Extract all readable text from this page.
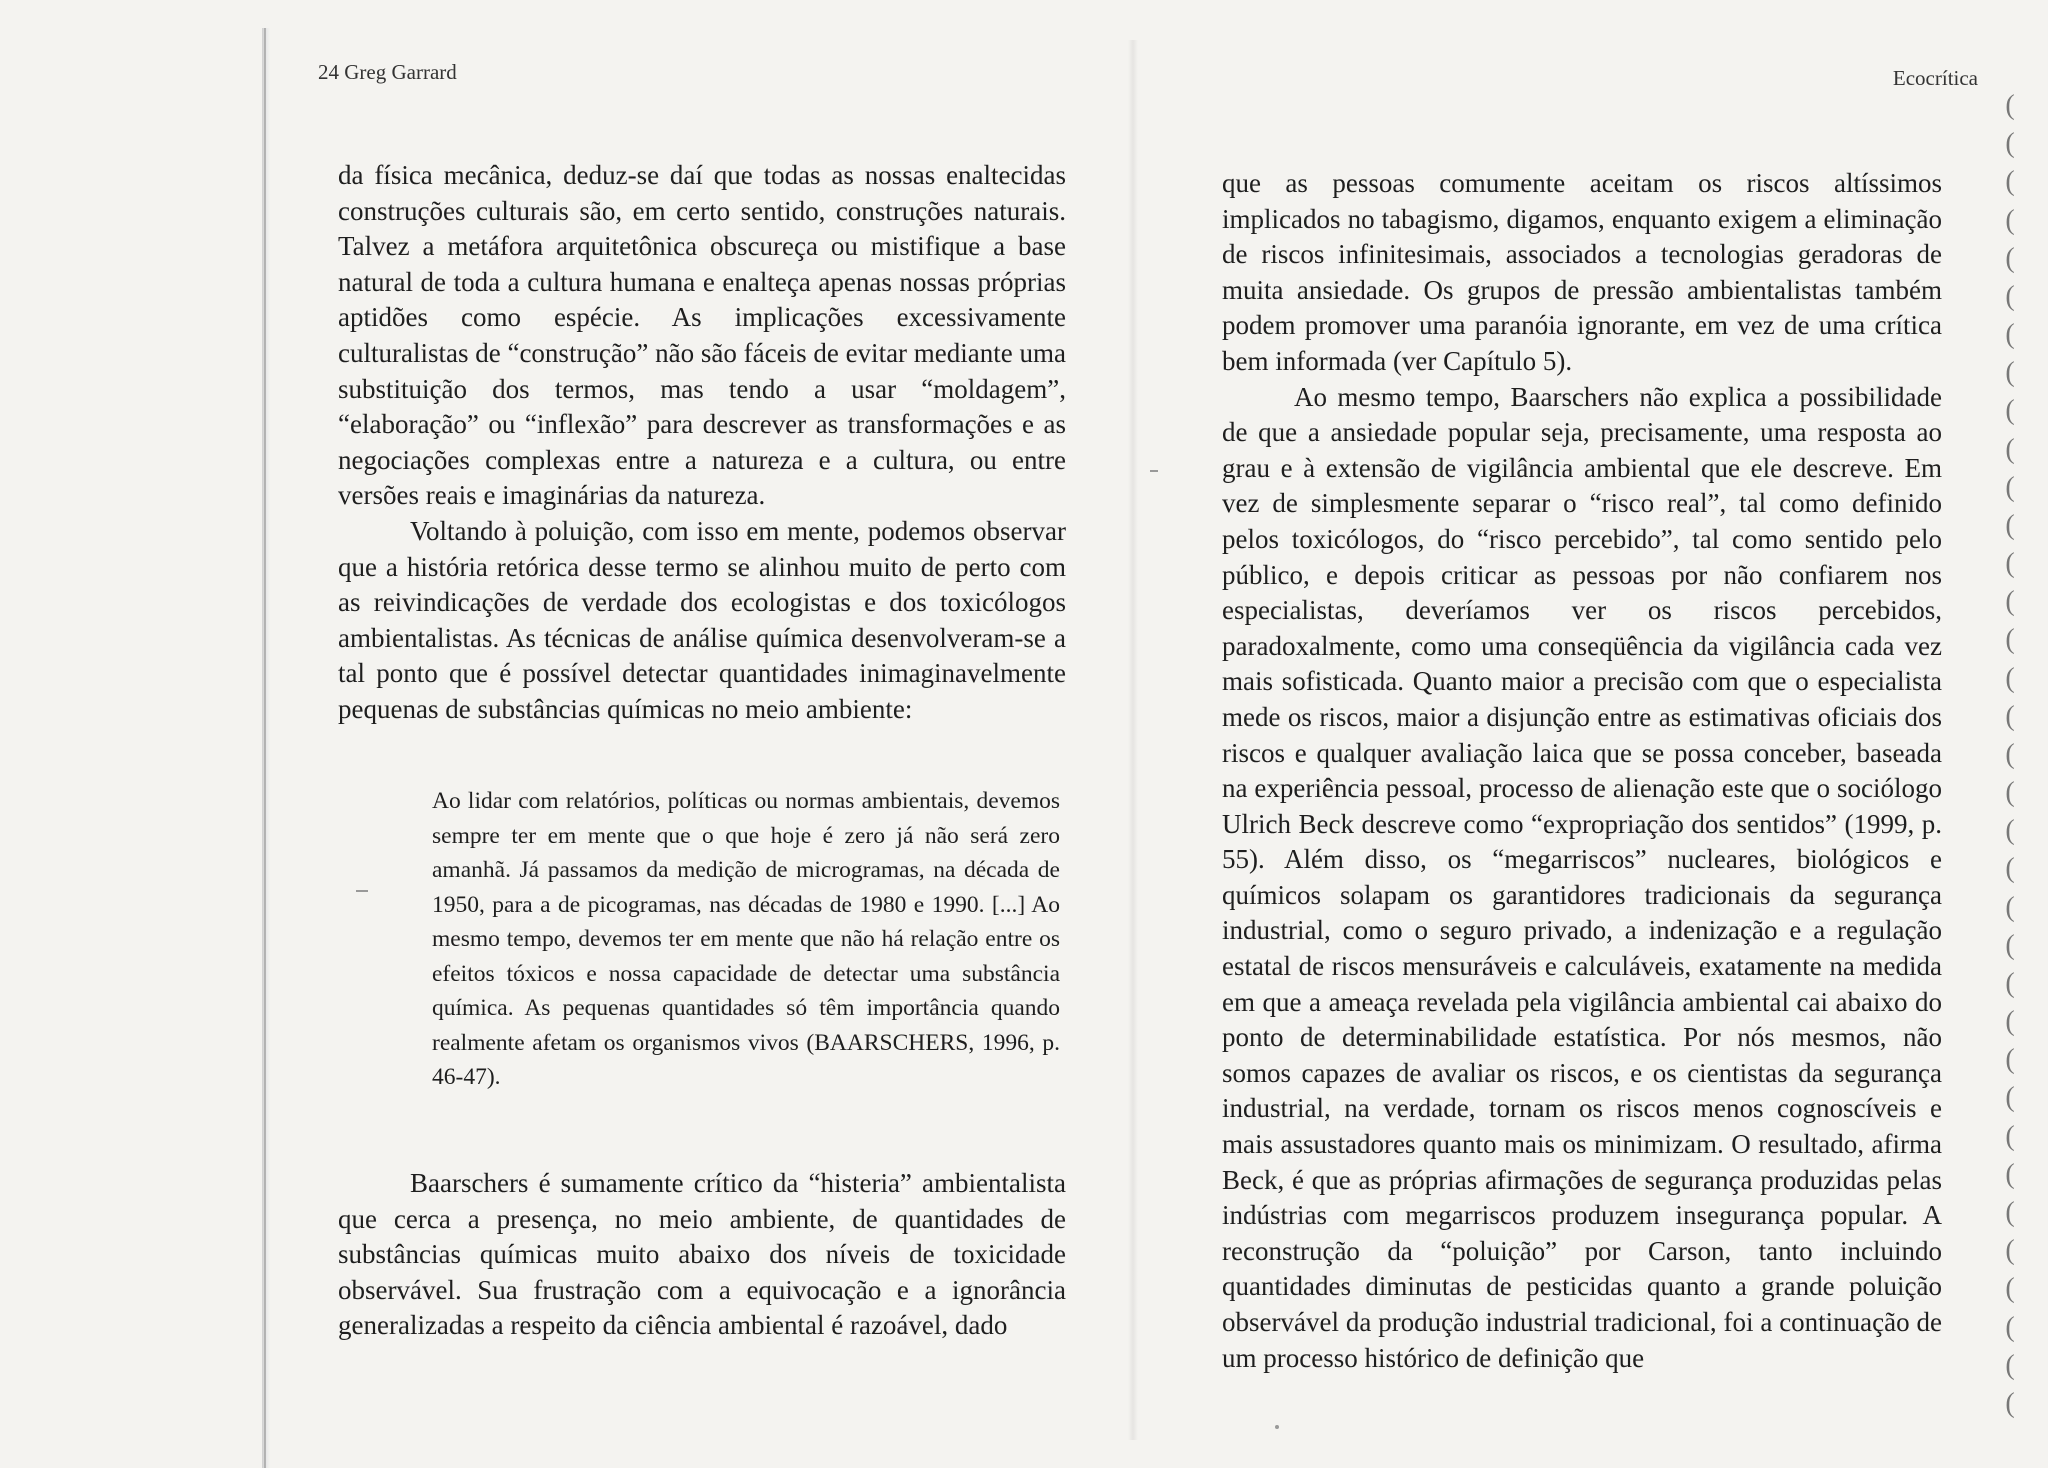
24 Greg Garrard	Ecocrítica

da física mecânica, deduz-se daí que todas as nossas enaltecidas construções culturais são, em certo sentido, construções naturais. Talvez a metáfora arquitetônica obscureça ou mistifique a base natural de toda a cultura humana e enalteça apenas nossas próprias aptidões como espécie. As implicações excessivamente culturalistas de “construção” não são fáceis de evitar mediante uma substituição dos termos, mas tendo a usar “moldagem”, “elaboração” ou “inflexão” para descrever as transformações e as negociações complexas entre a natureza e a cultura, ou entre versões reais e imaginárias da natureza.

Voltando à poluição, com isso em mente, podemos observar que a história retórica desse termo se alinhou muito de perto com as reivindicações de verdade dos ecologistas e dos toxicólogos ambientalistas. As técnicas de análise química desenvolveram-se a tal ponto que é possível detectar quantidades inimaginavelmente pequenas de substâncias químicas no meio ambiente:

Ao lidar com relatórios, políticas ou normas ambientais, devemos sempre ter em mente que o que hoje é zero já não será zero amanhã. Já passamos da medição de microgramas, na década de 1950, para a de picogramas, nas décadas de 1980 e 1990. [...] Ao mesmo tempo, devemos ter em mente que não há relação entre os efeitos tóxicos e nossa capacidade de detectar uma substância química. As pequenas quantidades só têm importância quando realmente afetam os organismos vivos (BAARSCHERS, 1996, p. 46-47).

Baarschers é sumamente crítico da “histeria” ambientalista que cerca a presença, no meio ambiente, de quantidades de substâncias químicas muito abaixo dos níveis de toxicidade observável. Sua frustração com a equivocação e a ignorância generalizadas a respeito da ciência ambiental é razoável, dado

que as pessoas comumente aceitam os riscos altíssimos implicados no tabagismo, digamos, enquanto exigem a eliminação de riscos infinitesimais, associados a tecnologias geradoras de muita ansiedade. Os grupos de pressão ambientalistas também podem promover uma paranóia ignorante, em vez de uma crítica bem informada (ver Capítulo 5).

Ao mesmo tempo, Baarschers não explica a possibilidade de que a ansiedade popular seja, precisamente, uma resposta ao grau e à extensão de vigilância ambiental que ele descreve. Em vez de simplesmente separar o “risco real”, tal como definido pelos toxicólogos, do “risco percebido”, tal como sentido pelo público, e depois criticar as pessoas por não confiarem nos especialistas, deveríamos ver os riscos percebidos, paradoxalmente, como uma conseqüência da vigilância cada vez mais sofisticada. Quanto maior a precisão com que o especialista mede os riscos, maior a disjunção entre as estimativas oficiais dos riscos e qualquer avaliação laica que se possa conceber, baseada na experiência pessoal, processo de alienação este que o sociólogo Ulrich Beck descreve como “expropriação dos sentidos” (1999, p. 55). Além disso, os “megarriscos” nucleares, biológicos e químicos solapam os garantidores tradicionais da segurança industrial, como o seguro privado, a indenização e a regulação estatal de riscos mensuráveis e calculáveis, exatamente na medida em que a ameaça revelada pela vigilância ambiental cai abaixo do ponto de determinabilidade estatística. Por nós mesmos, não somos capazes de avaliar os riscos, e os cientistas da segurança industrial, na verdade, tornam os riscos menos cognoscíveis e mais assustadores quanto mais os minimizam. O resultado, afirma Beck, é que as próprias afirmações de segurança produzidas pelas indústrias com megarriscos produzem insegurança popular. A reconstrução da “poluição” por Carson, tanto incluindo quantidades diminutas de pesticidas quanto a grande poluição observável da produção industrial tradicional, foi a continuação de um processo histórico de definição que

(
(
(
(
(
(
(
(
(
(
(
(
(
(
(
(
(
(
(
(
(
(
(
(
(
(
(
(
(
(
(
(
(
(
(
